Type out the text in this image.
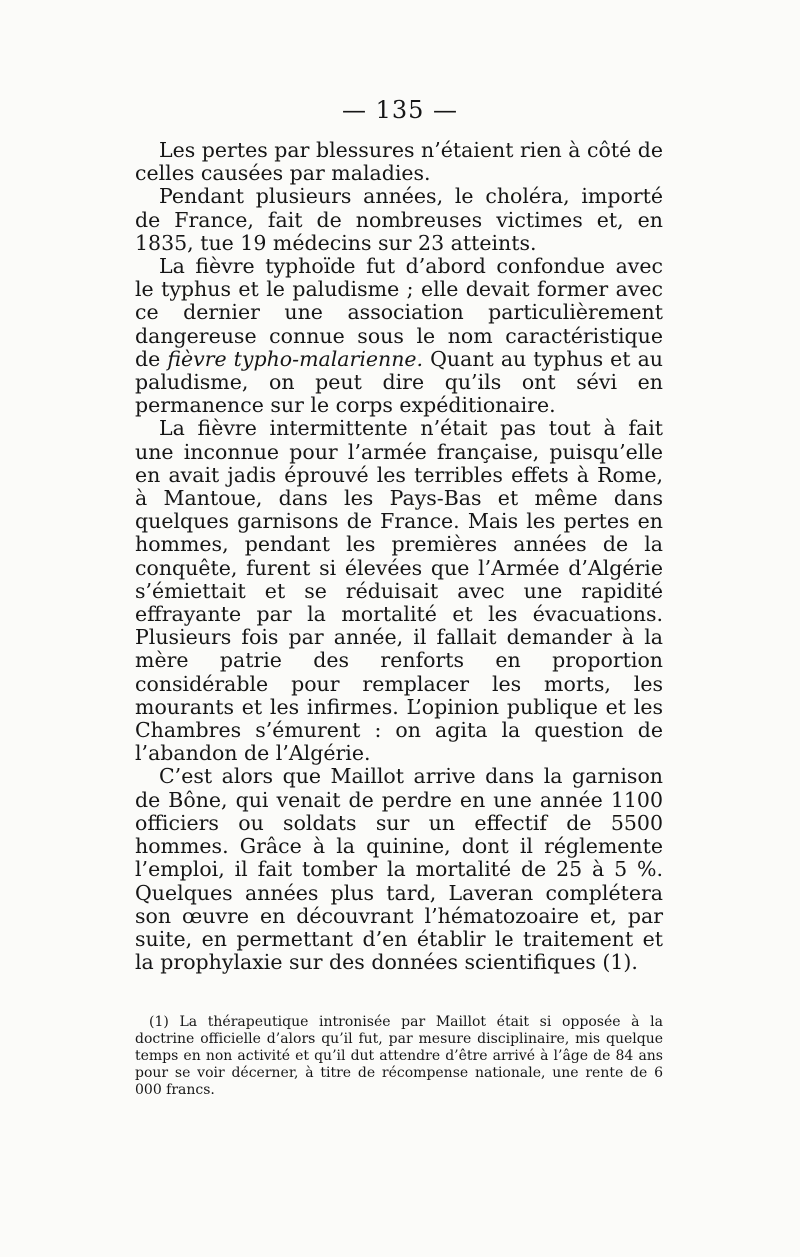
— 135 —

Les pertes par blessures n’étaient rien à côté de celles causées par maladies.

Pendant plusieurs années, le choléra, importé de France, fait de nombreuses victimes et, en 1835, tue 19 médecins sur 23 atteints.

La fièvre typhoïde fut d’abord confondue avec le typhus et le paludisme ; elle devait former avec ce dernier une association particulièrement dangereuse connue sous le nom caractéristique de fièvre typho-malarienne. Quant au typhus et au paludisme, on peut dire qu’ils ont sévi en permanence sur le corps expéditionaire.

La fièvre intermittente n’était pas tout à fait une inconnue pour l’armée française, puisqu’elle en avait jadis éprouvé les terribles effets à Rome, à Mantoue, dans les Pays-Bas et même dans quelques garnisons de France. Mais les pertes en hommes, pendant les premières années de la conquête, furent si élevées que l’Armée d’Algérie s’émiettait et se réduisait avec une rapidité effrayante par la mortalité et les évacuations. Plusieurs fois par année, il fallait demander à la mère patrie des renforts en proportion considérable pour remplacer les morts, les mourants et les infirmes. L’opinion publique et les Chambres s’émurent : on agita la question de l’abandon de l’Algérie.

C’est alors que Maillot arrive dans la garnison de Bône, qui venait de perdre en une année 1100 officiers ou soldats sur un effectif de 5500 hommes. Grâce à la quinine, dont il réglemente l’emploi, il fait tomber la mortalité de 25 à 5 %. Quelques années plus tard, Laveran complétera son œuvre en découvrant l’hématozoaire et, par suite, en permettant d’en établir le traitement et la prophylaxie sur des données scientifiques (1).

(1) La thérapeutique intronisée par Maillot était si opposée à la doctrine officielle d’alors qu’il fut, par mesure disciplinaire, mis quelque temps en non activité et qu’il dut attendre d’être arrivé à l’âge de 84 ans pour se voir décerner, à titre de récompense nationale, une rente de 6 000 francs.
